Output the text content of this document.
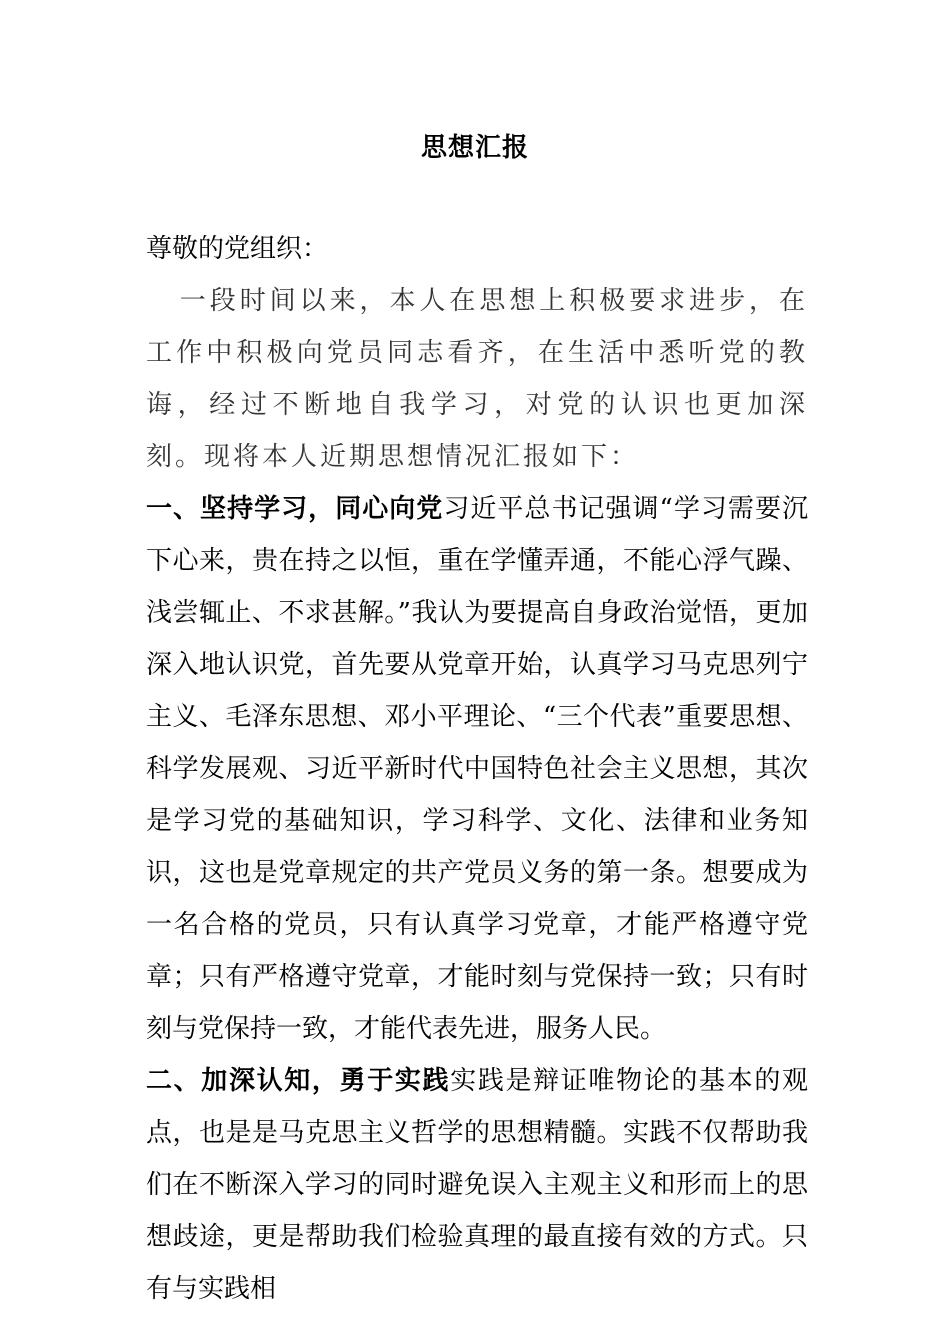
思想汇报

尊敬的党组织：

一段时间以来，本人在思想上积极要求进步，在工作中积极向党员同志看齐，在生活中悉听党的教诲，经过不断地自我学习，对党的认识也更加深刻。现将本人近期思想情况汇报如下：

一、坚持学习，同心向党习近平总书记强调“学习需要沉下心来，贵在持之以恒，重在学懂弄通，不能心浮气躁、浅尝辄止、不求甚解。”我认为要提高自身政治觉悟，更加深入地认识党，首先要从党章开始，认真学习马克思列宁主义、毛泽东思想、邓小平理论、“三个代表”重要思想、科学发展观、习近平新时代中国特色社会主义思想，其次是学习党的基础知识，学习科学、文化、法律和业务知识，这也是党章规定的共产党员义务的第一条。想要成为一名合格的党员，只有认真学习党章，才能严格遵守党章；只有严格遵守党章，才能时刻与党保持一致；只有时刻与党保持一致，才能代表先进，服务人民。

二、加深认知，勇于实践实践是辩证唯物论的基本的观点，也是是马克思主义哲学的思想精髓。实践不仅帮助我们在不断深入学习的同时避免误入主观主义和形而上的思想歧途，更是帮助我们检验真理的最直接有效的方式。只有与实践相
